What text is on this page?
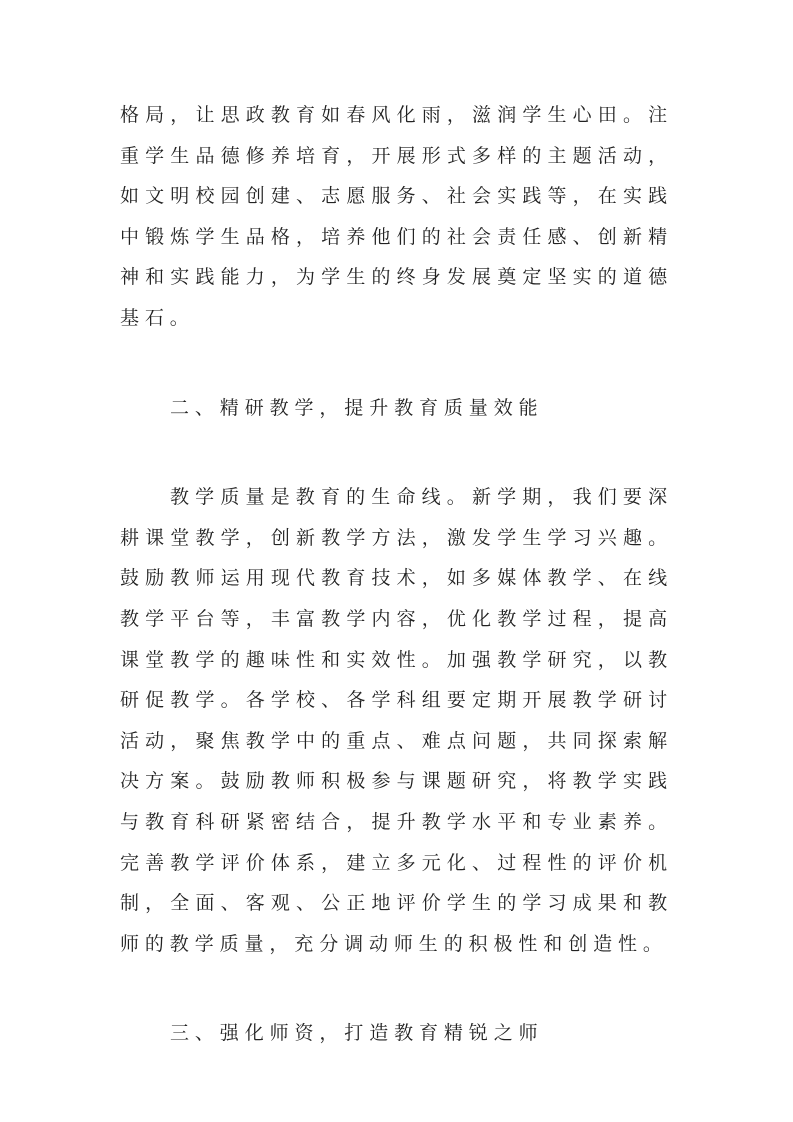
格局，让思政教育如春风化雨，滋润学生心田。注重学生品德修养培育，开展形式多样的主题活动，如文明校园创建、志愿服务、社会实践等，在实践中锻炼学生品格，培养他们的社会责任感、创新精神和实践能力，为学生的终身发展奠定坚实的道德基石。

二、精研教学，提升教育质量效能

教学质量是教育的生命线。新学期，我们要深耕课堂教学，创新教学方法，激发学生学习兴趣。鼓励教师运用现代教育技术，如多媒体教学、在线教学平台等，丰富教学内容，优化教学过程，提高课堂教学的趣味性和实效性。加强教学研究，以教研促教学。各学校、各学科组要定期开展教学研讨活动，聚焦教学中的重点、难点问题，共同探索解决方案。鼓励教师积极参与课题研究，将教学实践与教育科研紧密结合，提升教学水平和专业素养。完善教学评价体系，建立多元化、过程性的评价机制，全面、客观、公正地评价学生的学习成果和教师的教学质量，充分调动师生的积极性和创造性。

三、强化师资，打造教育精锐之师
